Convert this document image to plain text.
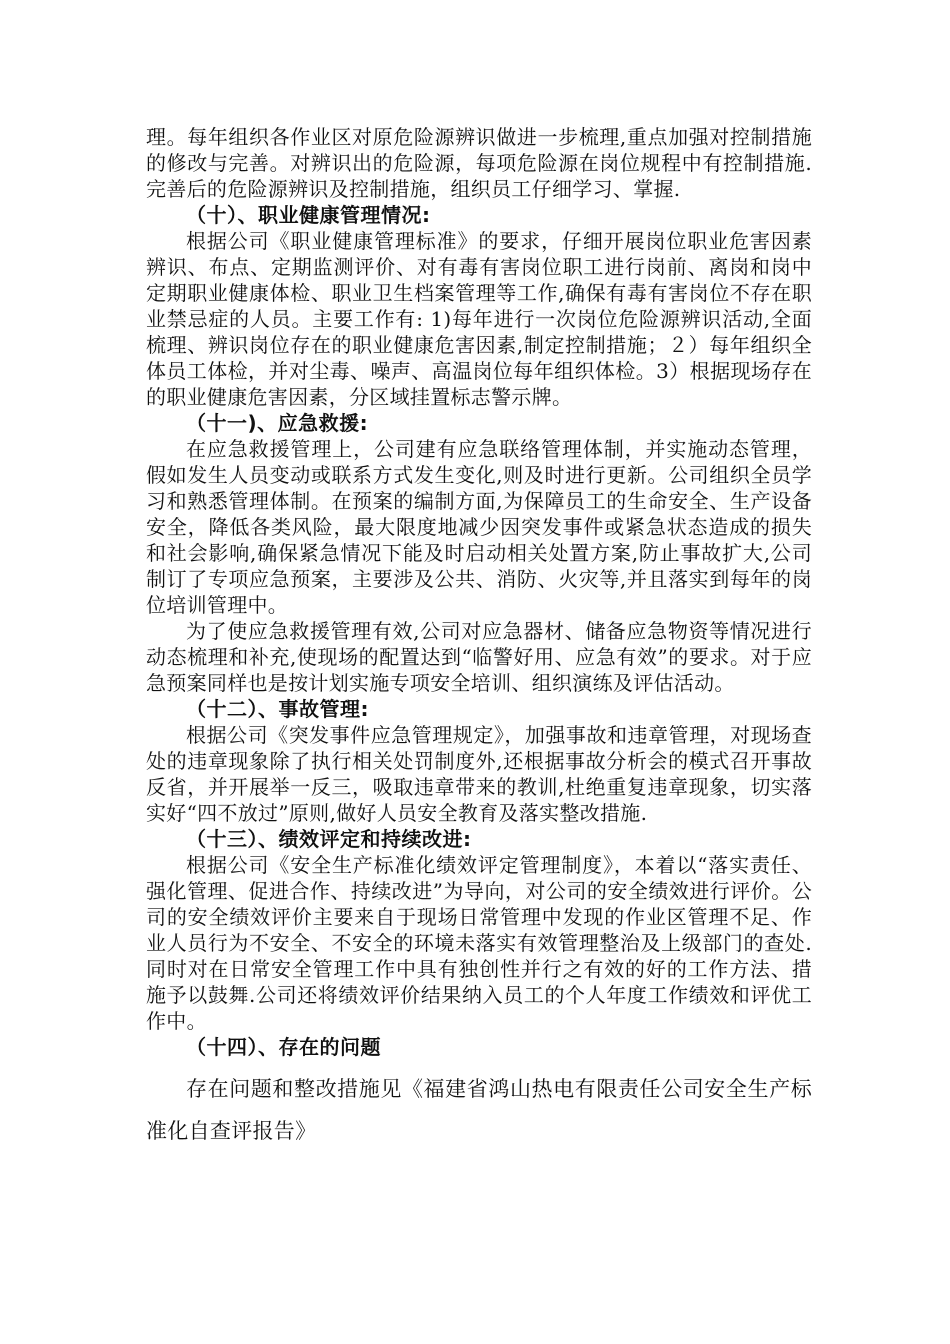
理。每年组织各作业区对原危险源辨识做进一步梳理,重点加强对控制措施的修改与完善。对辨识出的危险源，每项危险源在岗位规程中有控制措施.完善后的危险源辨识及控制措施，组织员工仔细学习、掌握.

（十）、职业健康管理情况:

根据公司《职业健康管理标准》的要求，仔细开展岗位职业危害因素辨识、布点、定期监测评价、对有毒有害岗位职工进行岗前、离岗和岗中定期职业健康体检、职业卫生档案管理等工作,确保有毒有害岗位不存在职业禁忌症的人员。主要工作有: 1)每年进行一次岗位危险源辨识活动,全面梳理、辨识岗位存在的职业健康危害因素,制定控制措施；２）每年组织全体员工体检，并对尘毒、噪声、高温岗位每年组织体检。3）根据现场存在的职业健康危害因素，分区域挂置标志警示牌。

（十一)、应急救援:

在应急救援管理上，公司建有应急联络管理体制，并实施动态管理，假如发生人员变动或联系方式发生变化,则及时进行更新。公司组织全员学习和熟悉管理体制。在预案的编制方面,为保障员工的生命安全、生产设备安全，降低各类风险，最大限度地减少因突发事件或紧急状态造成的损失和社会影响,确保紧急情况下能及时启动相关处置方案,防止事故扩大,公司制订了专项应急预案，主要涉及公共、消防、火灾等,并且落实到每年的岗位培训管理中。

为了使应急救援管理有效,公司对应急器材、储备应急物资等情况进行动态梳理和补充,使现场的配置达到“临警好用、应急有效”的要求。对于应急预案同样也是按计划实施专项安全培训、组织演练及评估活动。

（十二）、事故管理:

根据公司《突发事件应急管理规定》，加强事故和违章管理，对现场查处的违章现象除了执行相关处罚制度外,还根据事故分析会的模式召开事故反省，并开展举一反三，吸取违章带来的教训,杜绝重复违章现象，切实落实好“四不放过”原则,做好人员安全教育及落实整改措施.

（十三）、绩效评定和持续改进:

根据公司《安全生产标准化绩效评定管理制度》，本着以“落实责任、强化管理、促进合作、持续改进”为导向，对公司的安全绩效进行评价。公司的安全绩效评价主要来自于现场日常管理中发现的作业区管理不足、作业人员行为不安全、不安全的环境未落实有效管理整治及上级部门的查处.同时对在日常安全管理工作中具有独创性并行之有效的好的工作方法、措施予以鼓舞.公司还将绩效评价结果纳入员工的个人年度工作绩效和评优工作中。

（十四）、存在的问题

存在问题和整改措施见《福建省鸿山热电有限责任公司安全生产标准化自查评报告》
